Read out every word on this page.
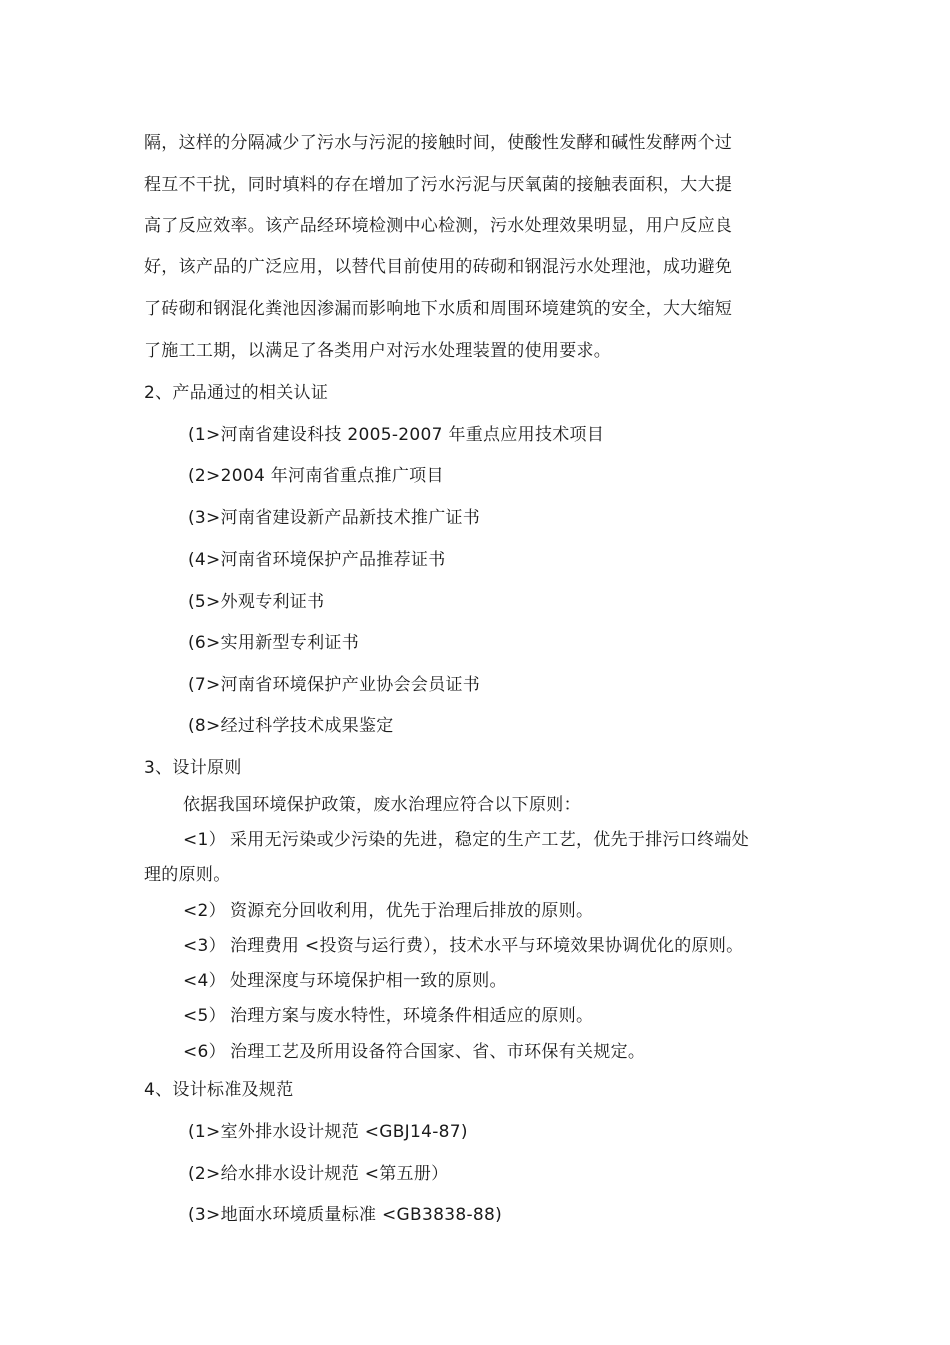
隔，这样的分隔减少了污水与污泥的接触时间，使酸性发酵和碱性发酵两个过
程互不干扰，同时填料的存在增加了污水污泥与厌氧菌的接触表面积，大大提
高了反应效率。该产品经环境检测中心检测，污水处理效果明显，用户反应良
好，该产品的广泛应用，以替代目前使用的砖砌和钢混污水处理池，成功避免
了砖砌和钢混化粪池因渗漏而影响地下水质和周围环境建筑的安全，大大缩短
了施工工期，以满足了各类用户对污水处理装置的使用要求。
2、产品通过的相关认证
(1>河南省建设科技 2005-2007 年重点应用技术项目
(2>2004 年河南省重点推广项目
(3>河南省建设新产品新技术推广证书
(4>河南省环境保护产品推荐证书
(5>外观专利证书
(6>实用新型专利证书
(7>河南省环境保护产业协会会员证书
(8>经过科学技术成果鉴定
3、设计原则
依据我国环境保护政策，废水治理应符合以下原则：
<1） 采用无污染或少污染的先进，稳定的生产工艺，优先于排污口终端处
理的原则。
<2） 资源充分回收利用，优先于治理后排放的原则。
<3） 治理费用 <投资与运行费），技术水平与环境效果协调优化的原则。
<4） 处理深度与环境保护相一致的原则。
<5） 治理方案与废水特性，环境条件相适应的原则。
<6） 治理工艺及所用设备符合国家、省、市环保有关规定。
4、设计标准及规范
(1>室外排水设计规范 <GBJ14-87)
(2>给水排水设计规范 <第五册）
(3>地面水环境质量标准 <GB3838-88)
